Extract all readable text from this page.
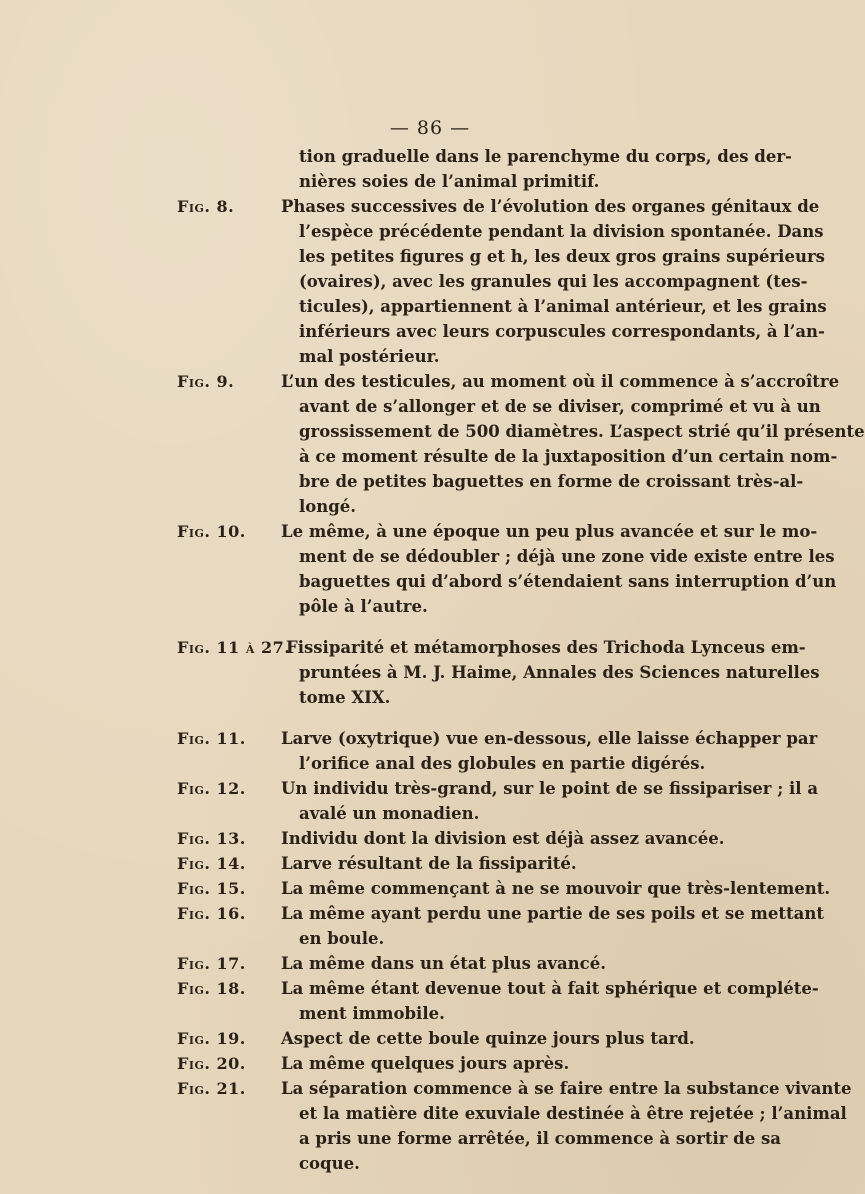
— 86 —
tion graduelle dans le parenchyme du corps, des der-
nières soies de l’animal primitif.
Fig. 8.	Phases successives de l’évolution des organes génitaux de
l’espèce précédente pendant la division spontanée. Dans
les petites figures g et h, les deux gros grains supérieurs
(ovaires), avec les granules qui les accompagnent (tes-
ticules), appartiennent à l’animal antérieur, et les grains
inférieurs avec leurs corpuscules correspondants, à l’an-
mal postérieur.
Fig. 9.	L’un des testicules, au moment où il commence à s’accroître
avant de s’allonger et de se diviser, comprimé et vu à un
grossissement de 500 diamètres. L’aspect strié qu’il présente
à ce moment résulte de la juxtaposition d’un certain nom-
bre de petites baguettes en forme de croissant très-al-
longé.
Fig. 10. Le même, à une époque un peu plus avancée et sur le mo-
ment de se dédoubler ; déjà une zone vide existe entre les
baguettes qui d’abord s’étendaient sans interruption d’un
pôle à l’autre.
Fig. 11 à 27.
Fissiparité et métamorphoses des Trichoda Lynceus em-
pruntées à M. J. Haime, Annales des Sciences naturelles
tome XIX.
Fig. 11. Larve (oxytrique) vue en-dessous, elle laisse échapper par
l’orifice anal des globules en partie digérés.
Fig. 12. Un individu très-grand, sur le point de se fissipariser ; il a
avalé un monadien.
Fig. 13. Individu dont la division est déjà assez avancée.
Fig. 14. Larve résultant de la fissiparité.
Fig. 15. La même commençant à ne se mouvoir que très-lentement.
Fig. 16. La même ayant perdu une partie de ses poils et se mettant
en boule.
Fig. 17. La même dans un état plus avancé.
Fig. 18. La même étant devenue tout à fait sphérique et compléte-
ment immobile.
Fig. 19. Aspect de cette boule quinze jours plus tard.
Fig. 20. La même quelques jours après.
Fig. 21. La séparation commence à se faire entre la substance vivante
et la matière dite exuviale destinée à être rejetée ; l’animal
a pris une forme arrêtée, il commence à sortir de sa
coque.
